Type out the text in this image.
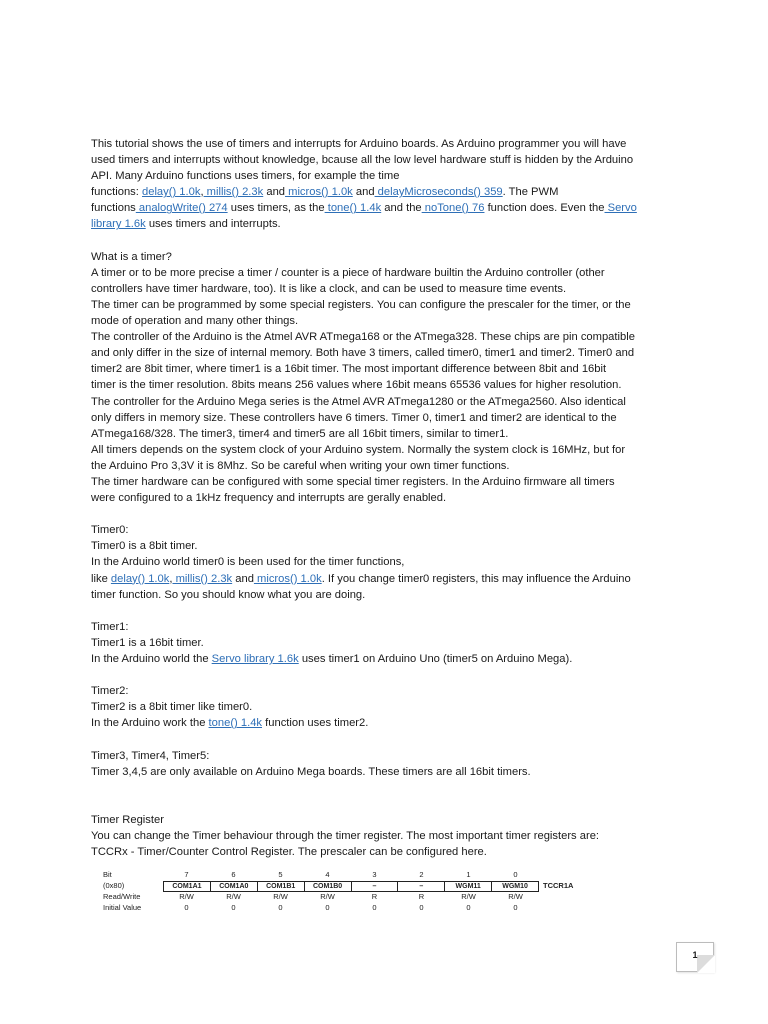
This tutorial shows the use of timers and interrupts for Arduino boards. As Arduino programmer you will have

used timers and interrupts without knowledge, bcause all the low level hardware stuff is hidden by the Arduino

API. Many Arduino functions uses timers, for example the time

functions: delay() 1.0k, millis() 2.3k and micros() 1.0k and delayMicroseconds() 359. The PWM

functions analogWrite() 274 uses timers, as the tone() 1.4k and the noTone() 76 function does. Even the Servo

library 1.6k uses timers and interrupts.

What is a timer?

A timer or to be more precise a timer / counter is a piece of hardware builtin the Arduino controller (other

controllers have timer hardware, too). It is like a clock, and can be used to measure time events.

The timer can be programmed by some special registers. You can configure the prescaler for the timer, or the

mode of operation and many other things.

The controller of the Arduino is the Atmel AVR ATmega168 or the ATmega328. These chips are pin compatible

and only differ in the size of internal memory. Both have 3 timers, called timer0, timer1 and timer2. Timer0 and

timer2 are 8bit timer, where timer1 is a 16bit timer. The most important difference between 8bit and 16bit

timer is the timer resolution. 8bits means 256 values where 16bit means 65536 values for higher resolution.

The controller for the Arduino Mega series is the Atmel AVR ATmega1280 or the ATmega2560. Also identical

only differs in memory size. These controllers have 6 timers. Timer 0, timer1 and timer2 are identical to the

ATmega168/328. The timer3, timer4 and timer5 are all 16bit timers, similar to timer1.

All timers depends on the system clock of your Arduino system. Normally the system clock is 16MHz, but for

the Arduino Pro 3,3V it is 8Mhz. So be careful when writing your own timer functions.

The timer hardware can be configured with some special timer registers. In the Arduino firmware all timers

were configured to a 1kHz frequency and interrupts are gerally enabled.

Timer0:

Timer0 is a 8bit timer.

In the Arduino world timer0 is been used for the timer functions,

like delay() 1.0k, millis() 2.3k and micros() 1.0k. If you change timer0 registers, this may influence the Arduino

timer function. So you should know what you are doing.

Timer1:

Timer1 is a 16bit timer.

In the Arduino world the Servo library 1.6k uses timer1 on Arduino Uno (timer5 on Arduino Mega).

Timer2:

Timer2 is a 8bit timer like timer0.

In the Arduino work the tone() 1.4k function uses timer2.

Timer3, Timer4, Timer5:

Timer 3,4,5 are only available on Arduino Mega boards. These timers are all 16bit timers.

Timer Register

You can change the Timer behaviour through the timer register. The most important timer registers are:

TCCRx - Timer/Counter Control Register. The prescaler can be configured here.

Bit	7	6	5	4	3	2	1	0
(0x80)	COM1A1	COM1A0	COM1B1	COM1B0	–	–	WGM11	WGM10	TCCR1A
Read/Write	R/W	R/W	R/W	R/W	R	R	R/W	R/W
Initial Value	0	0	0	0	0	0	0	0
1
